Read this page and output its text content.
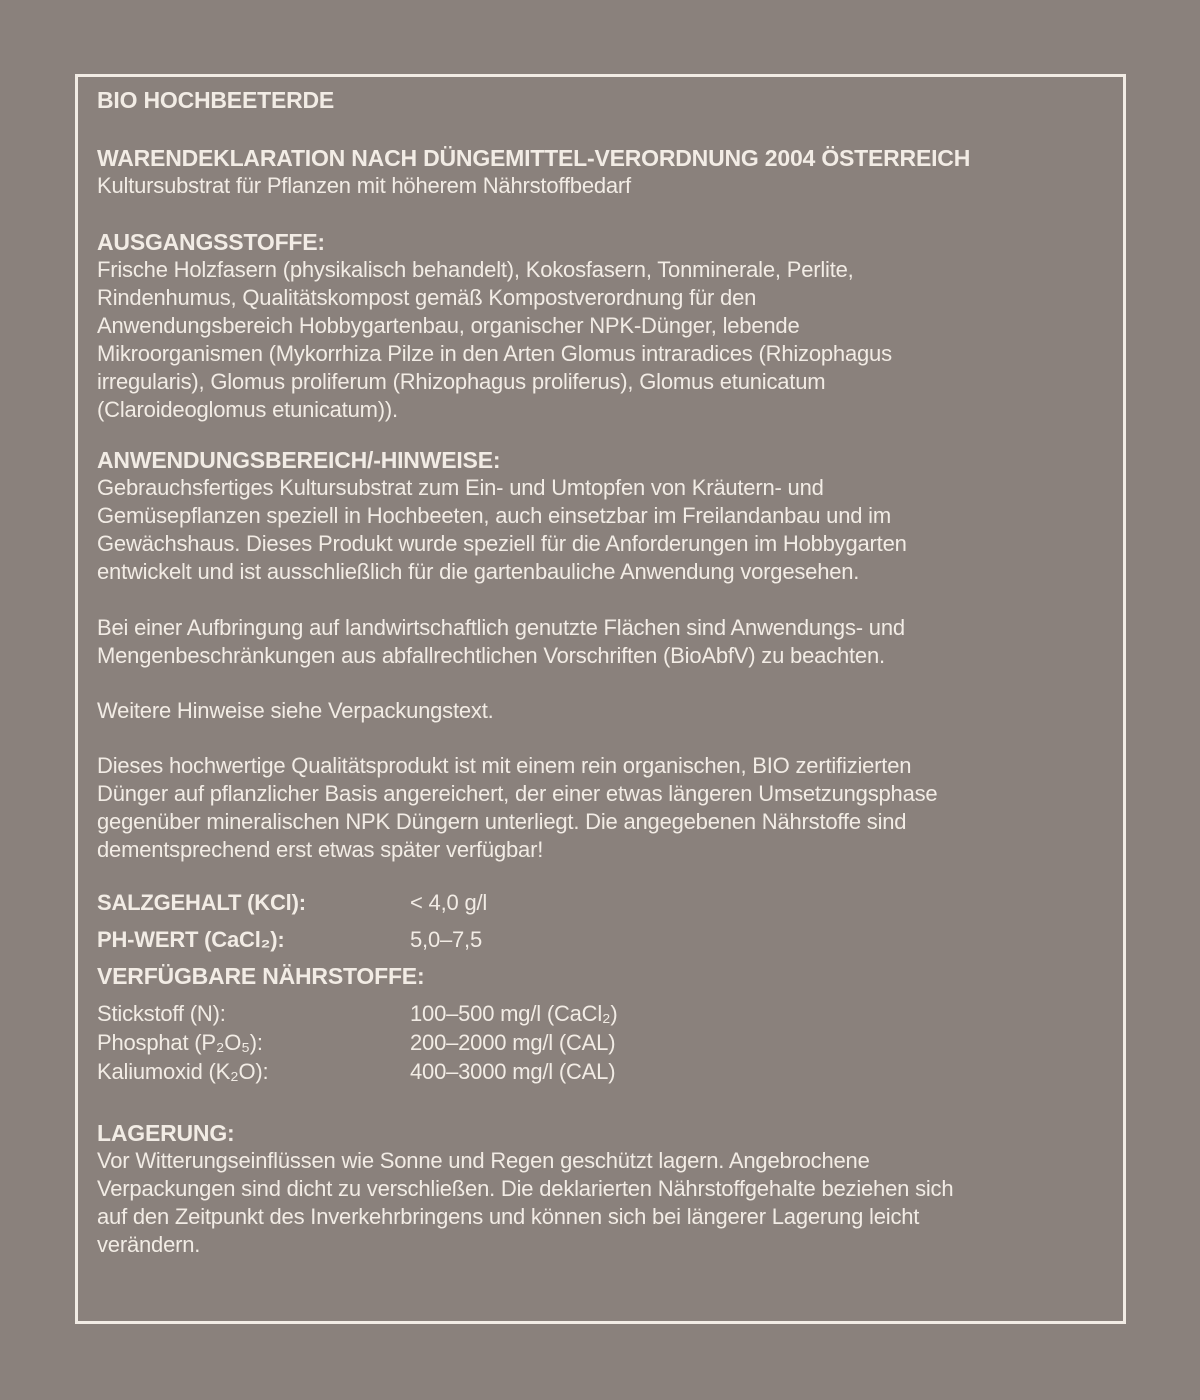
BIO HOCHBEETERDE
WARENDEKLARATION NACH DÜNGEMITTEL-VERORDNUNG 2004 ÖSTERREICH
Kultursubstrat für Pflanzen mit höherem Nährstoffbedarf
AUSGANGSSTOFFE:
Frische Holzfasern (physikalisch behandelt), Kokosfasern, Tonminerale, Perlite,
Rindenhumus, Qualitätskompost gemäß Kompostverordnung für den
Anwendungsbereich Hobbygartenbau, organischer NPK-Dünger, lebende
Mikroorganismen (Mykorrhiza Pilze in den Arten Glomus intraradices (Rhizophagus
irregularis), Glomus proliferum (Rhizophagus proliferus), Glomus etunicatum
(Claroideoglomus etunicatum)).
ANWENDUNGSBEREICH/-HINWEISE:
Gebrauchsfertiges Kultursubstrat zum Ein- und Umtopfen von Kräutern- und
Gemüsepflanzen speziell in Hochbeeten, auch einsetzbar im Freilandanbau und im
Gewächshaus. Dieses Produkt wurde speziell für die Anforderungen im Hobbygarten
entwickelt und ist ausschließlich für die gartenbauliche Anwendung vorgesehen.
Bei einer Aufbringung auf landwirtschaftlich genutzte Flächen sind Anwendungs- und
Mengenbeschränkungen aus abfallrechtlichen Vorschriften (BioAbfV) zu beachten.
Weitere Hinweise siehe Verpackungstext.
Dieses hochwertige Qualitätsprodukt ist mit einem rein organischen, BIO zertifizierten
Dünger auf pflanzlicher Basis angereichert, der einer etwas längeren Umsetzungsphase
gegenüber mineralischen NPK Düngern unterliegt. Die angegebenen Nährstoffe sind
dementsprechend erst etwas später verfügbar!
SALZGEHALT (KCl):	< 4,0 g/l
PH-WERT (CaCl₂):	5,0–7,5
VERFÜGBARE NÄHRSTOFFE:
Stickstoff (N):	100–500 mg/l (CaCl₂)
Phosphat (P₂O₅):	200–2000 mg/l (CAL)
Kaliumoxid (K₂O):	400–3000 mg/l (CAL)
LAGERUNG:
Vor Witterungseinflüssen wie Sonne und Regen geschützt lagern. Angebrochene
Verpackungen sind dicht zu verschließen. Die deklarierten Nährstoffgehalte beziehen sich
auf den Zeitpunkt des Inverkehrbringens und können sich bei längerer Lagerung leicht
verändern.
